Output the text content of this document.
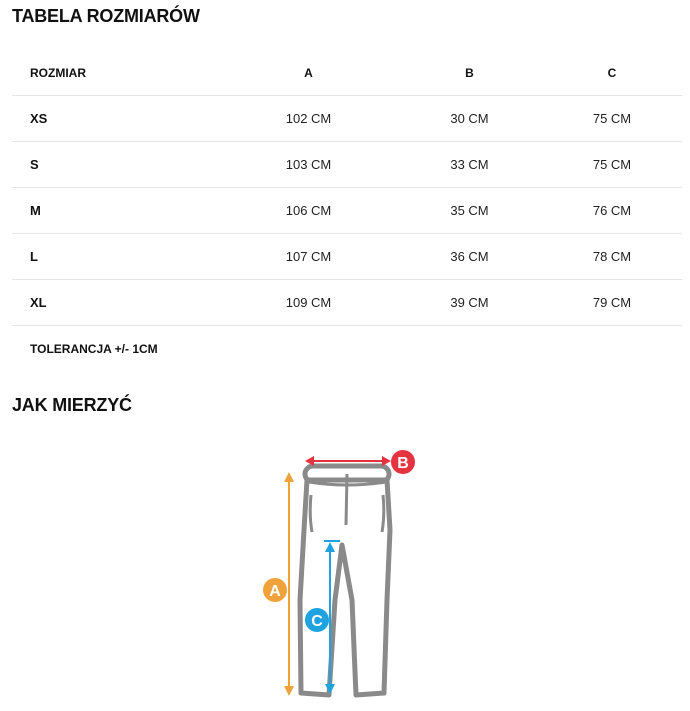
TABELA ROZMIARÓW
ROZMIAR	A	B	C
XS	102 CM	30 CM	75 CM
S	103 CM	33 CM	75 CM
M	106 CM	35 CM	76 CM
L	107 CM	36 CM	78 CM
XL	109 CM	39 CM	79 CM
TOLERANCJA +/- 1CM			
JAK MIERZYĆ
A
B
C
